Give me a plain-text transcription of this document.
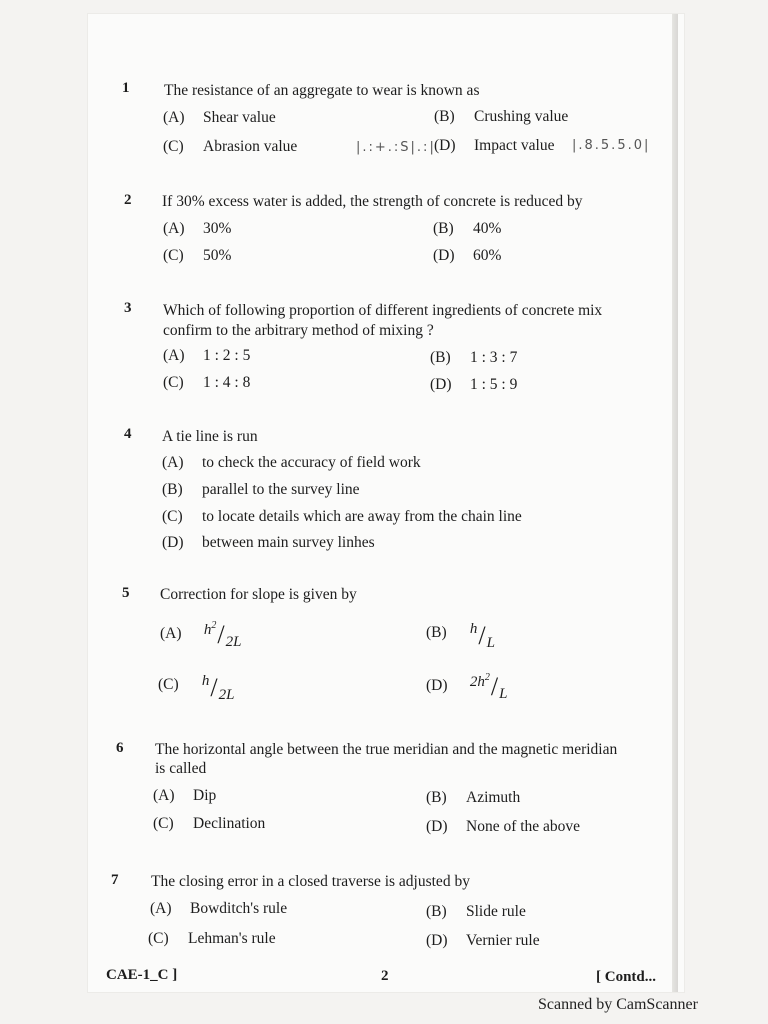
1 The resistance of an aggregate to wear is known as
(A) Shear value	(B) Crushing value
(C) Abrasion value	(D) Impact value
|.:+.:S|.:|	|.8.5.5.0|
2 If 30% excess water is added, the strength of concrete is reduced by
(A) 30%	(B) 40%
(C) 50%	(D) 60%
3 Which of following proportion of different ingredients of concrete mix
confirm to the arbitrary method of mixing ?
(A) 1 : 2 : 5	(B) 1 : 3 : 7
(C) 1 : 4 : 8	(D) 1 : 5 : 9
4 A tie line is run
(A) to check the accuracy of field work
(B) parallel to the survey line
(C) to locate details which are away from the chain line
(D) between main survey linhes
5 Correction for slope is given by
(A) $h^2 / 2L$
(B) h / L
(C) h / 2L
(D) $2h^2$ / L
6 The horizontal angle between the true meridian and the magnetic meridian
is called
(A) Dip	(B) Azimuth
(C) Declination	(D) None of the above
7 The closing error in a closed traverse is adjusted by
(A) Bowditch's rule	(B) Slide rule
(C) Lehman's rule	(D) Vernier rule
CAE-1_C ]	2	[ Contd...
Scanned by CamScanner
